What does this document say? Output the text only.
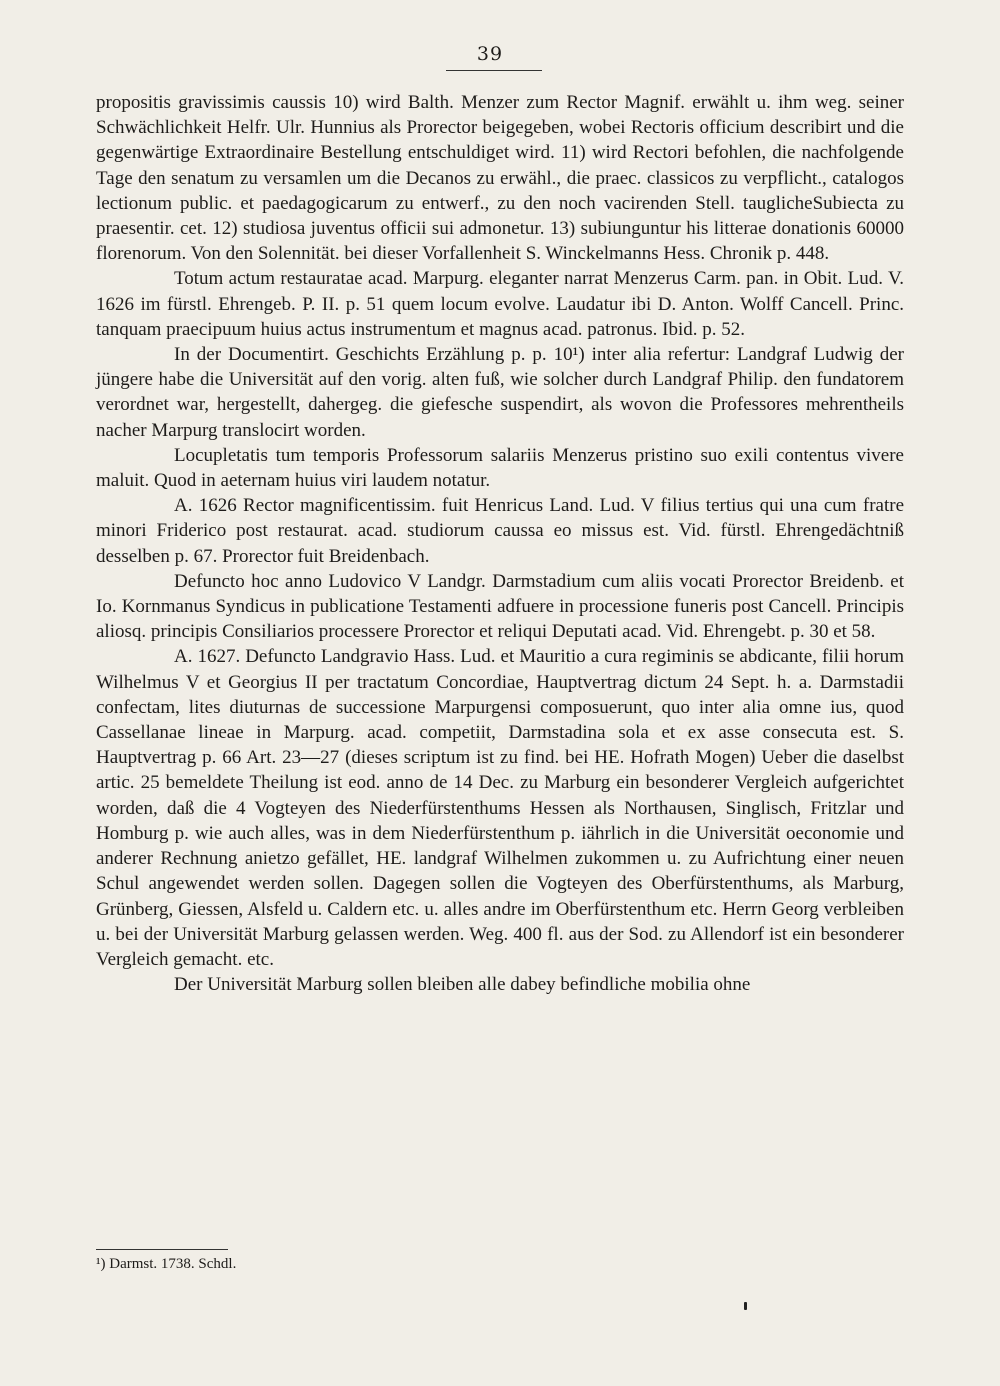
39

propositis gravissimis caussis 10) wird Balth. Menzer zum Rector Magnif. erwählt u. ihm weg. seiner Schwächlichkeit Helfr. Ulr. Hunnius als Prorector beigegeben, wobei Rectoris officium describirt und die gegenwärtige Extraordinaire Bestellung entschuldiget wird. 11) wird Rectori befohlen, die nachfolgende Tage den senatum zu versamlen um die Decanos zu erwähl., die praec. classicos zu verpflicht., catalogos lectionum public. et paedagogicarum zu entwerf., zu den noch vacirenden Stell. tauglicheSubiecta zu praesentir. cet. 12) studiosa juventus officii sui admonetur. 13) subiunguntur his litterae donationis 60000 florenorum. Von den Solennität. bei dieser Vorfallenheit S. Winckelmanns Hess. Chronik p. 448.

Totum actum restauratae acad. Marpurg. eleganter narrat Menzerus Carm. pan. in Obit. Lud. V. 1626 im fürstl. Ehrengeb. P. II. p. 51 quem locum evolve. Laudatur ibi D. Anton. Wolff Cancell. Princ. tanquam praecipuum huius actus instrumentum et magnus acad. patronus. Ibid. p. 52.

In der Documentirt. Geschichts Erzählung p. p. 10¹) inter alia refertur: Landgraf Ludwig der jüngere habe die Universität auf den vorig. alten fuß, wie solcher durch Landgraf Philip. den fundatorem verordnet war, hergestellt, dahergeg. die giefesche suspendirt, als wovon die Professores mehrentheils nacher Marpurg translocirt worden.

Locupletatis tum temporis Professorum salariis Menzerus pristino suo exili contentus vivere maluit. Quod in aeternam huius viri laudem notatur.

A. 1626 Rector magnificentissim. fuit Henricus Land. Lud. V filius tertius qui una cum fratre minori Friderico post restaurat. acad. studiorum caussa eo missus est. Vid. fürstl. Ehrengedächtniß desselben p. 67. Prorector fuit Breidenbach.

Defuncto hoc anno Ludovico V Landgr. Darmstadium cum aliis vocati Prorector Breidenb. et Io. Kornmanus Syndicus in publicatione Testamenti adfuere in processione funeris post Cancell. Principis aliosq. principis Consiliarios processere Prorector et reliqui Deputati acad. Vid. Ehrengebt. p. 30 et 58.

A. 1627. Defuncto Landgravio Hass. Lud. et Mauritio a cura regiminis se abdicante, filii horum Wilhelmus V et Georgius II per tractatum Concordiae, Hauptvertrag dictum 24 Sept. h. a. Darmstadii confectam, lites diuturnas de successione Marpurgensi composuerunt, quo inter alia omne ius, quod Cassellanae lineae in Marpurg. acad. competiit, Darmstadina sola et ex asse consecuta est. S. Hauptvertrag p. 66 Art. 23—27 (dieses scriptum ist zu find. bei HE. Hofrath Mogen) Ueber die daselbst artic. 25 bemeldete Theilung ist eod. anno de 14 Dec. zu Marburg ein besonderer Vergleich aufgerichtet worden, daß die 4 Vogteyen des Niederfürstenthums Hessen als Northausen, Singlisch, Fritzlar und Homburg p. wie auch alles, was in dem Niederfürstenthum p. iährlich in die Universität oeconomie und anderer Rechnung anietzo gefället, HE. landgraf Wilhelmen zukommen u. zu Aufrichtung einer neuen Schul angewendet werden sollen. Dagegen sollen die Vogteyen des Oberfürstenthums, als Marburg, Grünberg, Giessen, Alsfeld u. Caldern etc. u. alles andre im Oberfürstenthum etc. Herrn Georg verbleiben u. bei der Universität Marburg gelassen werden. Weg. 400 fl. aus der Sod. zu Allendorf ist ein besonderer Vergleich gemacht. etc.

Der Universität Marburg sollen bleiben alle dabey befindliche mobilia ohne

¹) Darmst. 1738. Schdl.
